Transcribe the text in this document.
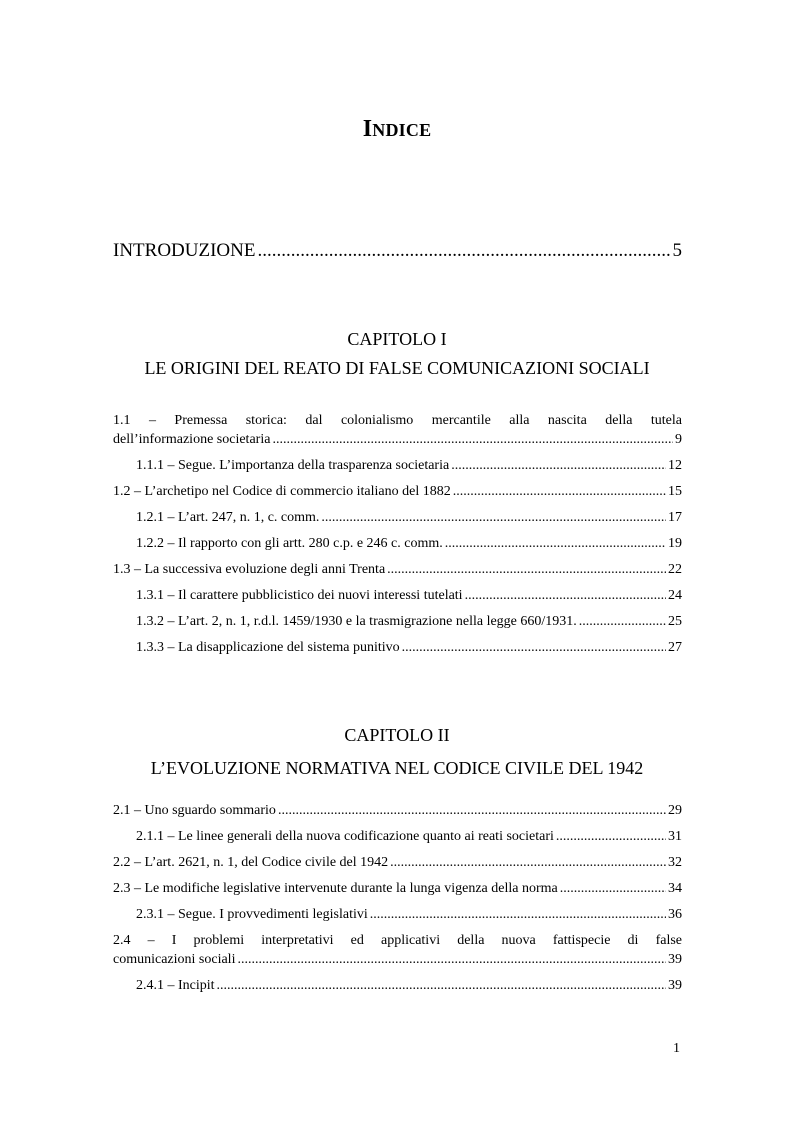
INDICE
INTRODUZIONE .....	5
CAPITOLO I
LE ORIGINI DEL REATO DI FALSE COMUNICAZIONI SOCIALI
1.1 – Premessa storica: dal colonialismo mercantile alla nascita della tutela
dell’informazione societaria .....	9
1.1.1 – Segue. L’importanza della trasparenza societaria .....	12
1.2 – L’archetipo nel Codice di commercio italiano del 1882 .....	15
1.2.1 – L’art. 247, n. 1, c. comm. .....	17
1.2.2 – Il rapporto con gli artt. 280 c.p. e 246 c. comm. .....	19
1.3 – La successiva evoluzione degli anni Trenta .....	22
1.3.1 – Il carattere pubblicistico dei nuovi interessi tutelati .....	24
1.3.2 – L’art. 2, n. 1, r.d.l. 1459/1930 e la trasmigrazione nella legge 660/1931. .....	25
1.3.3 – La disapplicazione del sistema punitivo .....	27
CAPITOLO II
L’EVOLUZIONE NORMATIVA NEL CODICE CIVILE DEL 1942
2.1 – Uno sguardo sommario .....	29
2.1.1 – Le linee generali della nuova codificazione quanto ai reati societari .....	31
2.2 – L’art. 2621, n. 1, del Codice civile del 1942 .....	32
2.3 – Le modifiche legislative intervenute durante la lunga vigenza della norma .....	34
2.3.1 – Segue. I provvedimenti legislativi .....	36
2.4 – I problemi interpretativi ed applicativi della nuova fattispecie di false
comunicazioni sociali .....	39
2.4.1 – Incipit .....	39
1
